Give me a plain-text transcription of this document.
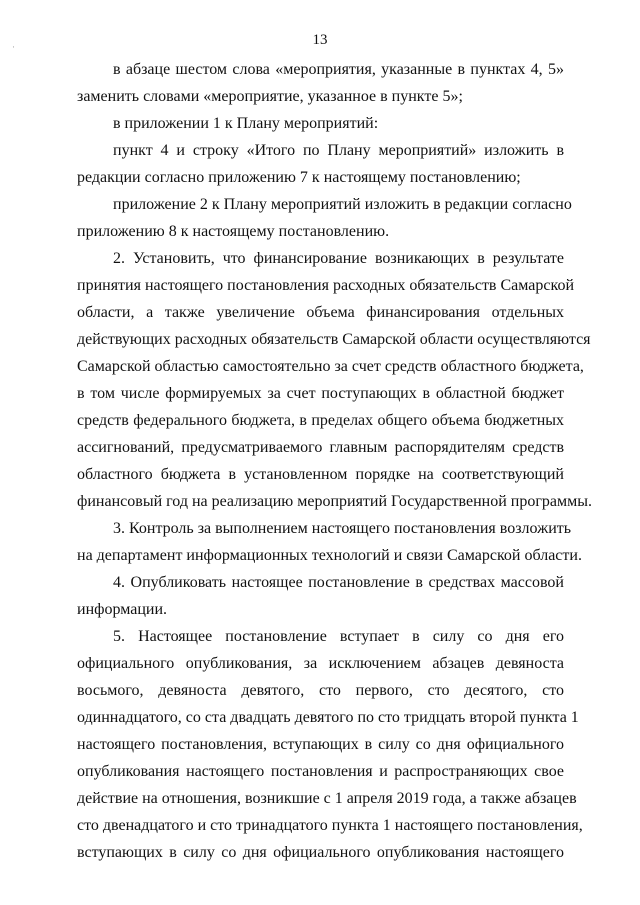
13
·
в абзаце шестом слова «мероприятия, указанные в пунктах 4, 5»
заменить словами «мероприятие, указанное в пункте 5»;
в приложении 1 к Плану мероприятий:
пункт 4 и строку «Итого по Плану мероприятий» изложить в
редакции согласно приложению 7 к настоящему постановлению;
приложение 2 к Плану мероприятий изложить в редакции согласно
приложению 8 к настоящему постановлению.
2. Установить, что финансирование возникающих в результате
принятия настоящего постановления расходных обязательств Самарской
области, а также увеличение объема финансирования отдельных
действующих расходных обязательств Самарской области осуществляются
Самарской областью самостоятельно за счет средств областного бюджета,
в том числе формируемых за счет поступающих в областной бюджет
средств федерального бюджета, в пределах общего объема бюджетных
ассигнований, предусматриваемого главным распорядителям средств
областного бюджета в установленном порядке на соответствующий
финансовый год на реализацию мероприятий Государственной программы.
3. Контроль за выполнением настоящего постановления возложить
на департамент информационных технологий и связи Самарской области.
4. Опубликовать настоящее постановление в средствах массовой
информации.
5. Настоящее постановление вступает в силу со дня его
официального опубликования, за исключением абзацев девяноста
восьмого, девяноста девятого, сто первого, сто десятого, сто
одиннадцатого, со ста двадцать девятого по сто тридцать второй пункта 1
настоящего постановления, вступающих в силу со дня официального
опубликования настоящего постановления и распространяющих свое
действие на отношения, возникшие с 1 апреля 2019 года, а также абзацев
сто двенадцатого и сто тринадцатого пункта 1 настоящего постановления,
вступающих в силу со дня официального опубликования настоящего
